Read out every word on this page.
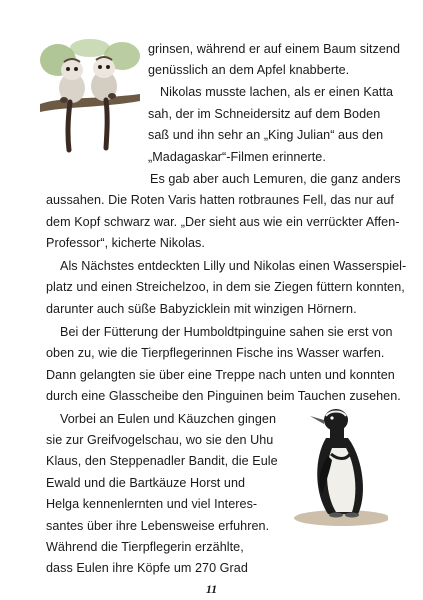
grinsen, während er auf einem Baum sitzend
genüsslich an dem Apfel knabberte.
Nikolas musste lachen, als er einen Katta
sah, der im Schneidersitz auf dem Boden
saß und ihn sehr an „King Julian“ aus den
„Madagaskar“-Filmen erinnerte.
Es gab aber auch Lemuren, die ganz anders
aussahen. Die Roten Varis hatten rotbraunes Fell, das nur auf
dem Kopf schwarz war. „Der sieht aus wie ein verrückter Affen-
Professor“, kicherte Nikolas.
Als Nächstes entdeckten Lilly und Nikolas einen Wasserspiel-
platz und einen Streichelzoo, in dem sie Ziegen füttern konnten,
darunter auch süße Babyzicklein mit winzigen Hörnern.
Bei der Fütterung der Humboldtpinguine sahen sie erst von
oben zu, wie die Tierpflegerinnen Fische ins Wasser warfen.
Dann gelangten sie über eine Treppe nach unten und konnten
durch eine Glasscheibe den Pinguinen beim Tauchen zusehen.
Vorbei an Eulen und Käuzchen gingen
sie zur Greifvogelschau, wo sie den Uhu
Klaus, den Steppenadler Bandit, die Eule
Ewald und die Bartkäuze Horst und
Helga kennenlernten und viel Interes-
santes über ihre Lebensweise erfuhren.
Während die Tierpflegerin erzählte,
dass Eulen ihre Köpfe um 270 Grad
11
